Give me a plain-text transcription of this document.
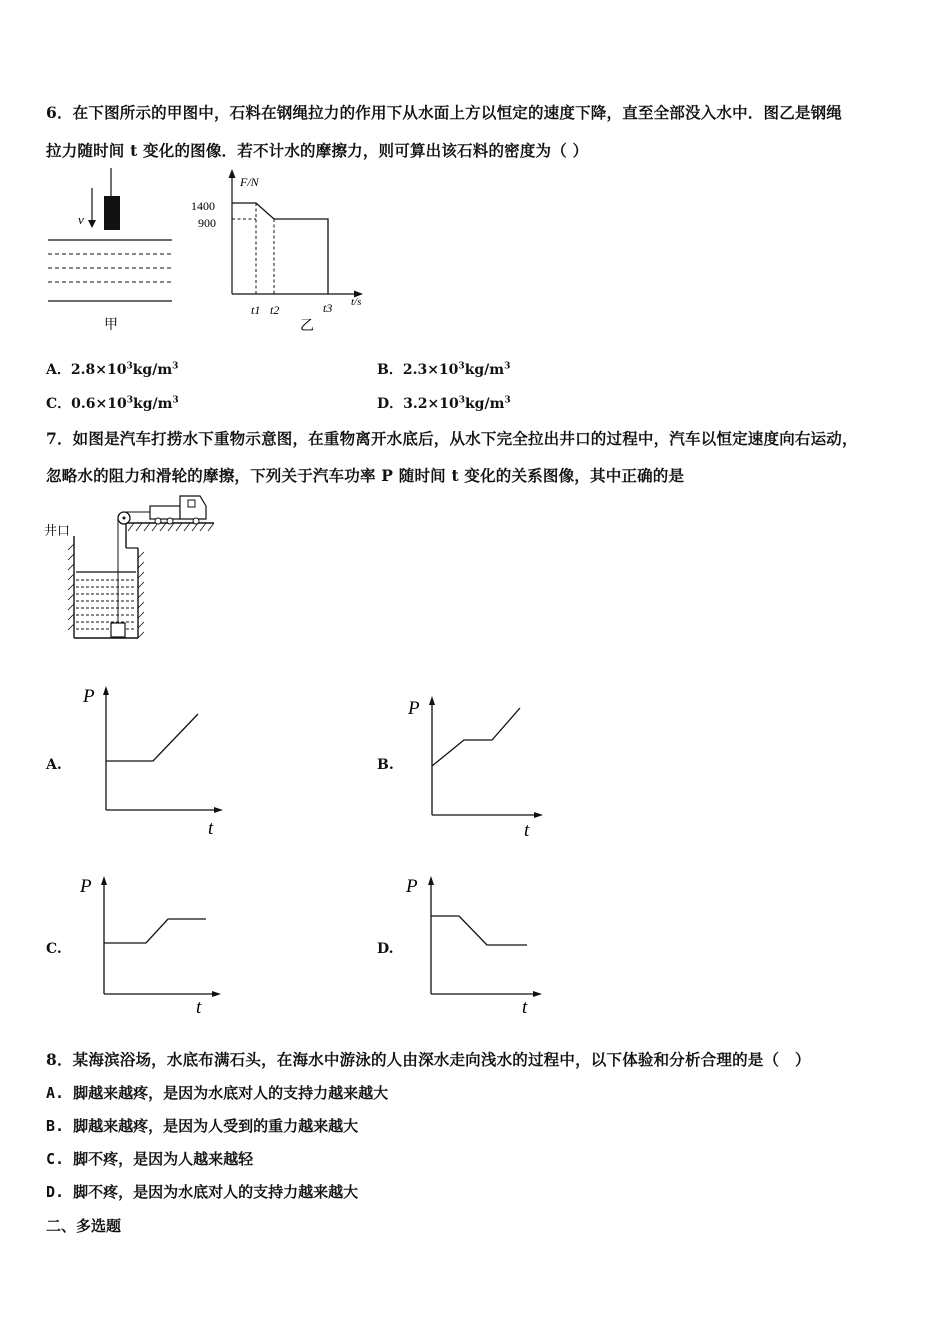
6．在下图所示的甲图中，石料在钢绳拉力的作用下从水面上方以恒定的速度下降，直至全部没入水中．图乙是钢绳
拉力随时间 t 变化的图像．若不计水的摩擦力，则可算出该石料的密度为（ ）
v
甲
F/N
t/s
1400
900
t1 t2	t3
乙
A．$2.8\times 10^3kg/m^3$	B．$2.3\times 10^3kg/m^3$
C．$0.6\times 10^3kg/m^3$	D．$3.2\times 10^3kg/m^3$
7．如图是汽车打捞水下重物示意图，在重物离开水底后，从水下完全拉出井口的过程中，汽车以恒定速度向右运动，
忽略水的阻力和滑轮的摩擦，下列关于汽车功率 P 随时间 t 变化的关系图像，其中正确的是
井口
A.
P
t
B.
P
t
C.
P
t
D.
P
t
8．某海滨浴场，水底布满石头，在海水中游泳的人由深水走向浅水的过程中，以下体验和分析合理的是（　）
A. 脚越来越疼，是因为水底对人的支持力越来越大
B. 脚越来越疼，是因为人受到的重力越来越大
C. 脚不疼，是因为人越来越轻
D. 脚不疼，是因为水底对人的支持力越来越大
二、多选题
